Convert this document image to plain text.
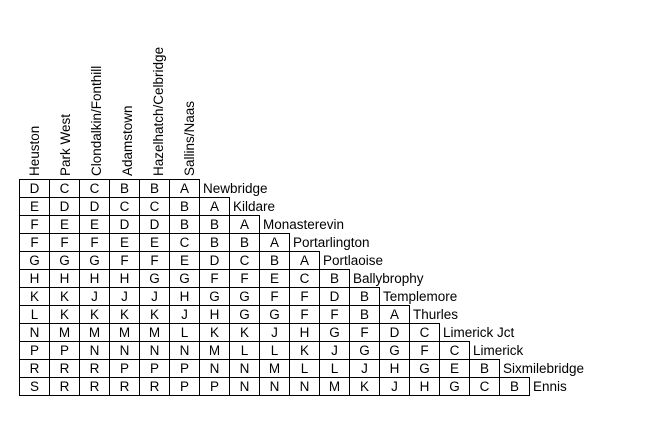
Heuston Park West Clondalkin/Fonthill Adamstown Hazelhatch/Celbridge Sallins/Naas
D	C	C	B	B	A	Newbridge
E	D	D	C	C	B	A	Kildare
F	E	E	D	D	B	B	A	Monasterevin
F	F	F	E	E	C	B	B	A	Portarlington
G	G	G	F	F	E	D	C	B	A	Portlaoise
H	H	H	H	G	G	F	F	E	C	B	Ballybrophy
K	K	J	J	J	H	G	G	F	F	D	B	Templemore
L	K	K	K	K	J	H	G	G	F	F	B	A	Thurles
N	M	M	M	M	L	K	K	J	H	G	F	D	C	Limerick Jct
P	P	N	N	N	N	M	L	L	K	J	G	G	F	C	Limerick
R	R	R	P	P	P	N	N	M	L	L	J	H	G	E	B	Sixmilebridge
S	R	R	R	R	P	P	N	N	N	M	K	J	H	G	C	B	Ennis
